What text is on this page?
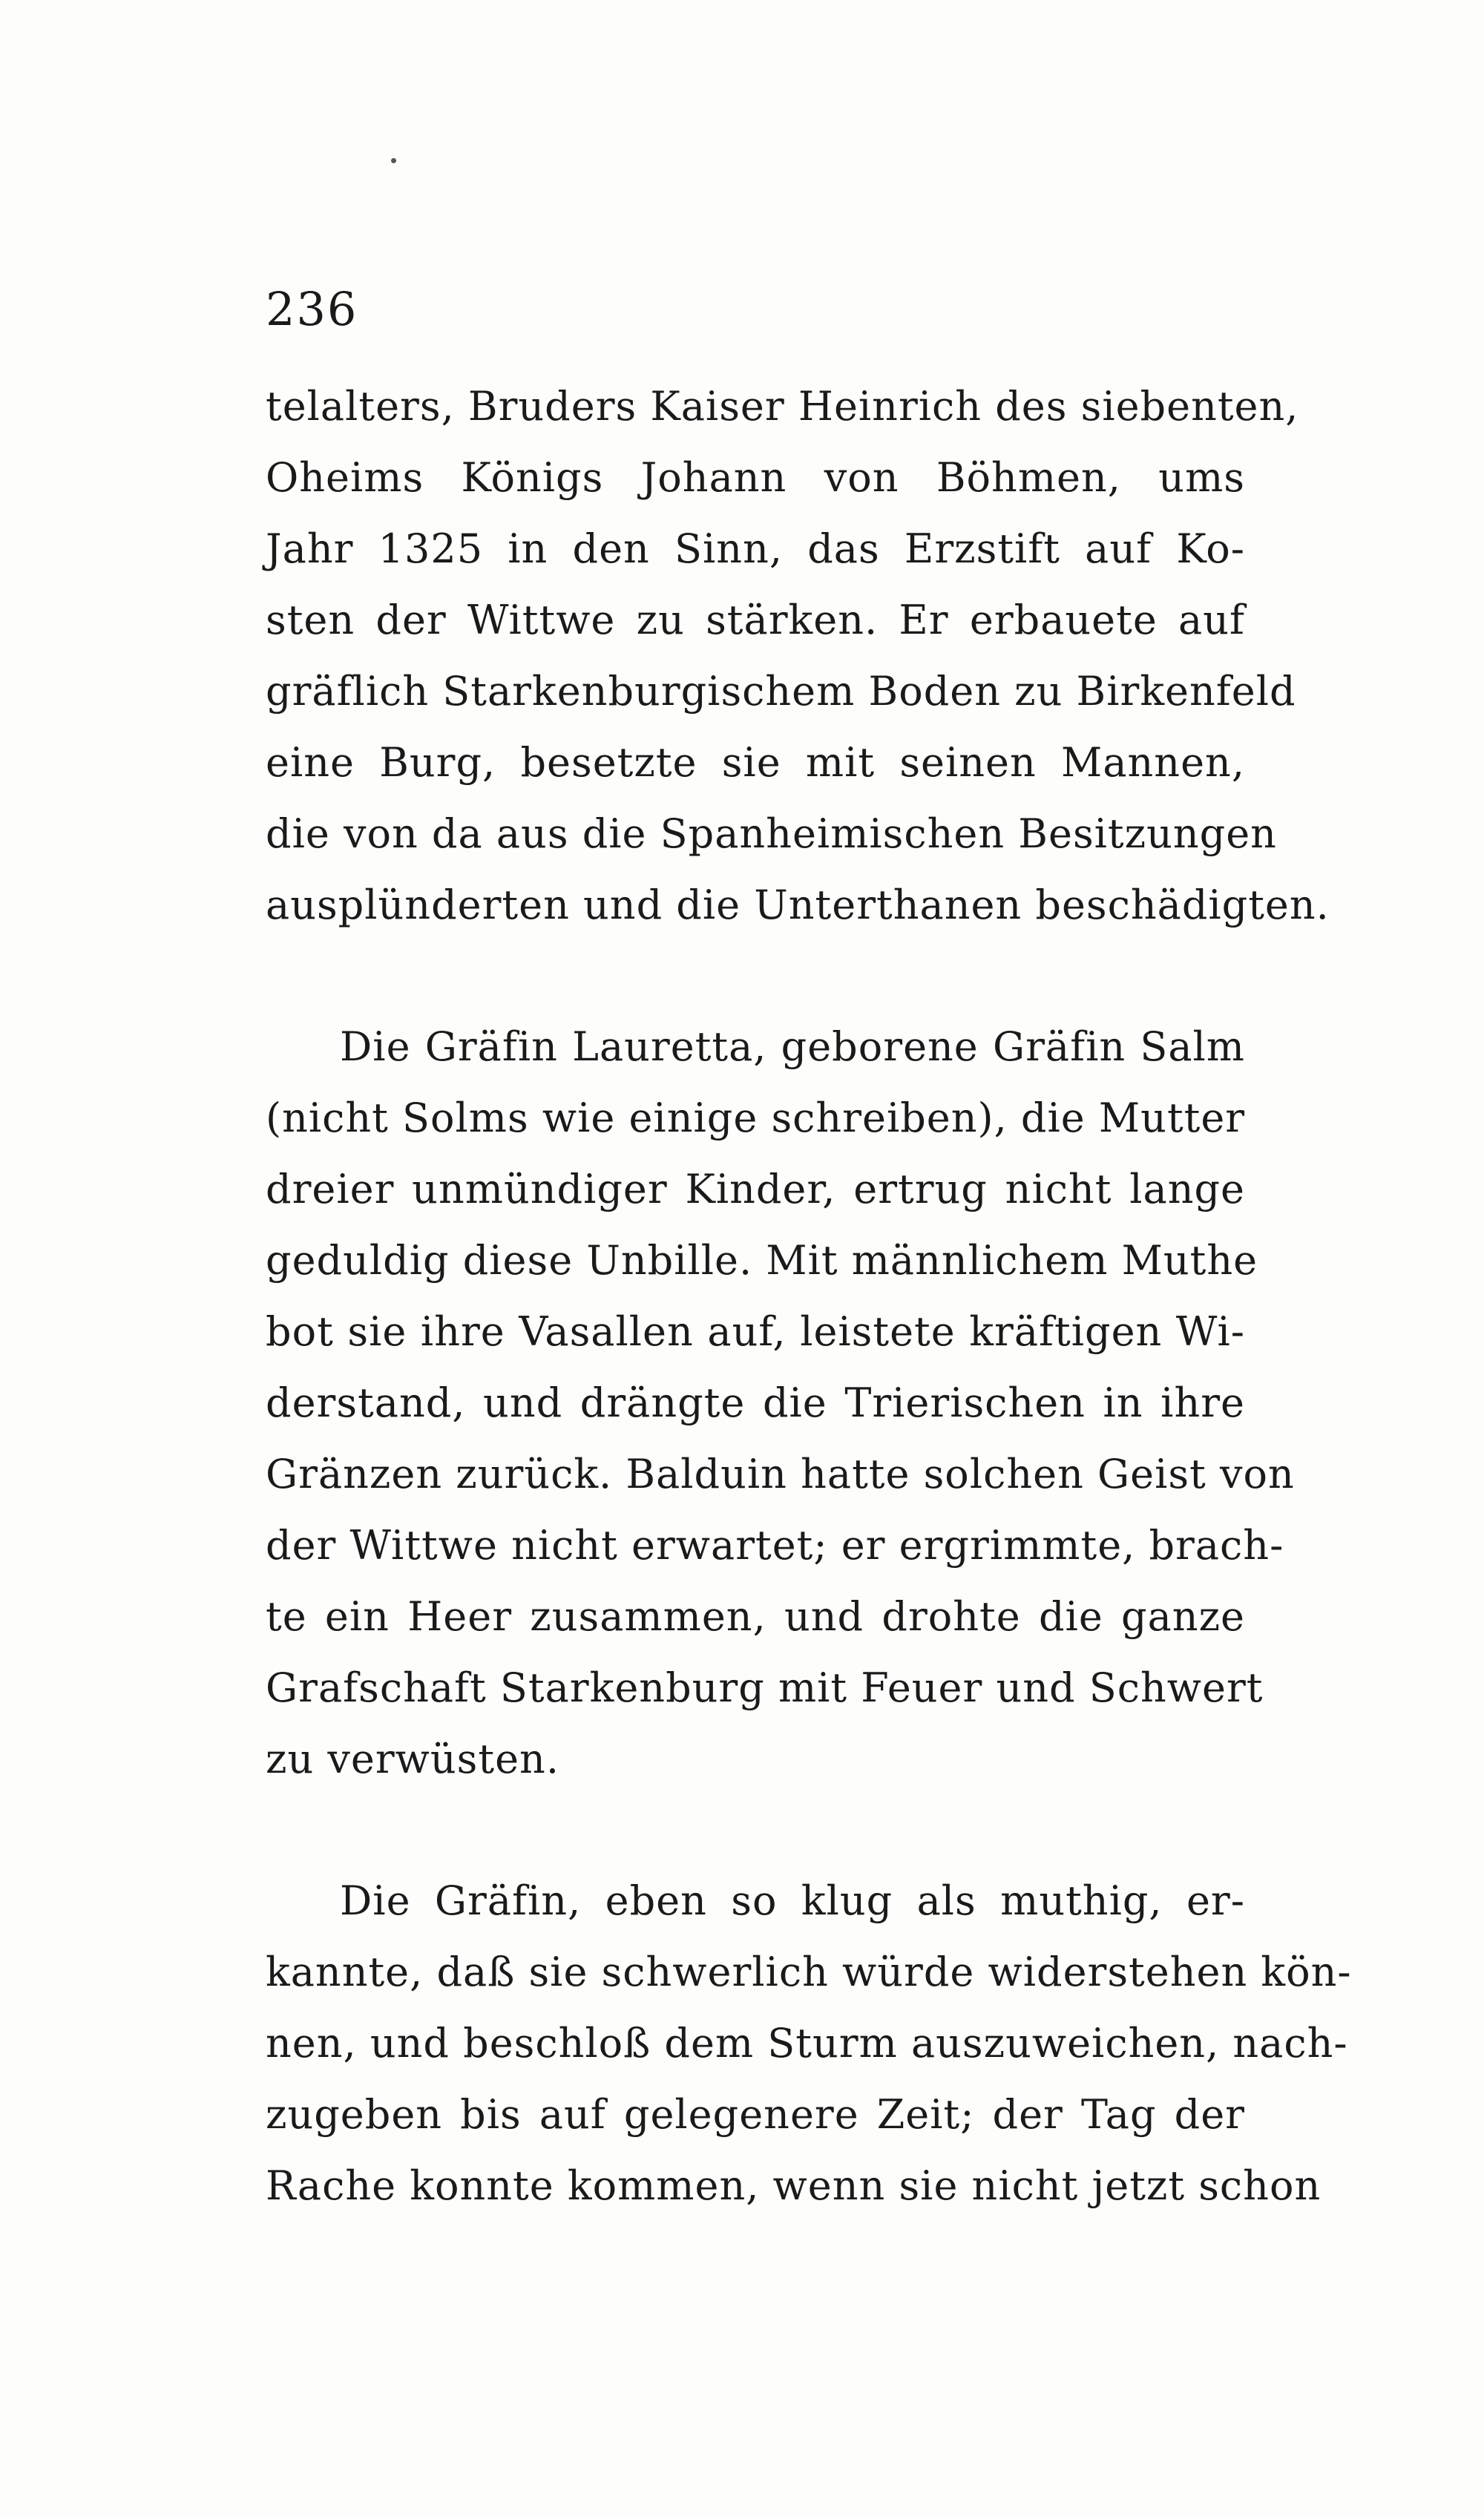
236
telalters, Bruders Kaiser Heinrich des siebenten,
Oheims Königs Johann von Böhmen, ums
Jahr 1325 in den Sinn, das Erzstift auf Ko-
sten der Wittwe zu stärken. Er erbauete auf
gräflich Starkenburgischem Boden zu Birkenfeld
eine Burg, besetzte sie mit seinen Mannen,
die von da aus die Spanheimischen Besitzungen
ausplünderten und die Unterthanen beschädigten.
Die Gräfin Lauretta, geborene Gräfin Salm
(nicht Solms wie einige schreiben), die Mutter
dreier unmündiger Kinder, ertrug nicht lange
geduldig diese Unbille. Mit männlichem Muthe
bot sie ihre Vasallen auf, leistete kräftigen Wi-
derstand, und drängte die Trierischen in ihre
Gränzen zurück. Balduin hatte solchen Geist von
der Wittwe nicht erwartet; er ergrimmte, brach-
te ein Heer zusammen, und drohte die ganze
Grafschaft Starkenburg mit Feuer und Schwert
zu verwüsten.
Die Gräfin, eben so klug als muthig, er-
kannte, daß sie schwerlich würde widerstehen kön-
nen, und beschloß dem Sturm auszuweichen, nach-
zugeben bis auf gelegenere Zeit; der Tag der
Rache konnte kommen, wenn sie nicht jetzt schon
